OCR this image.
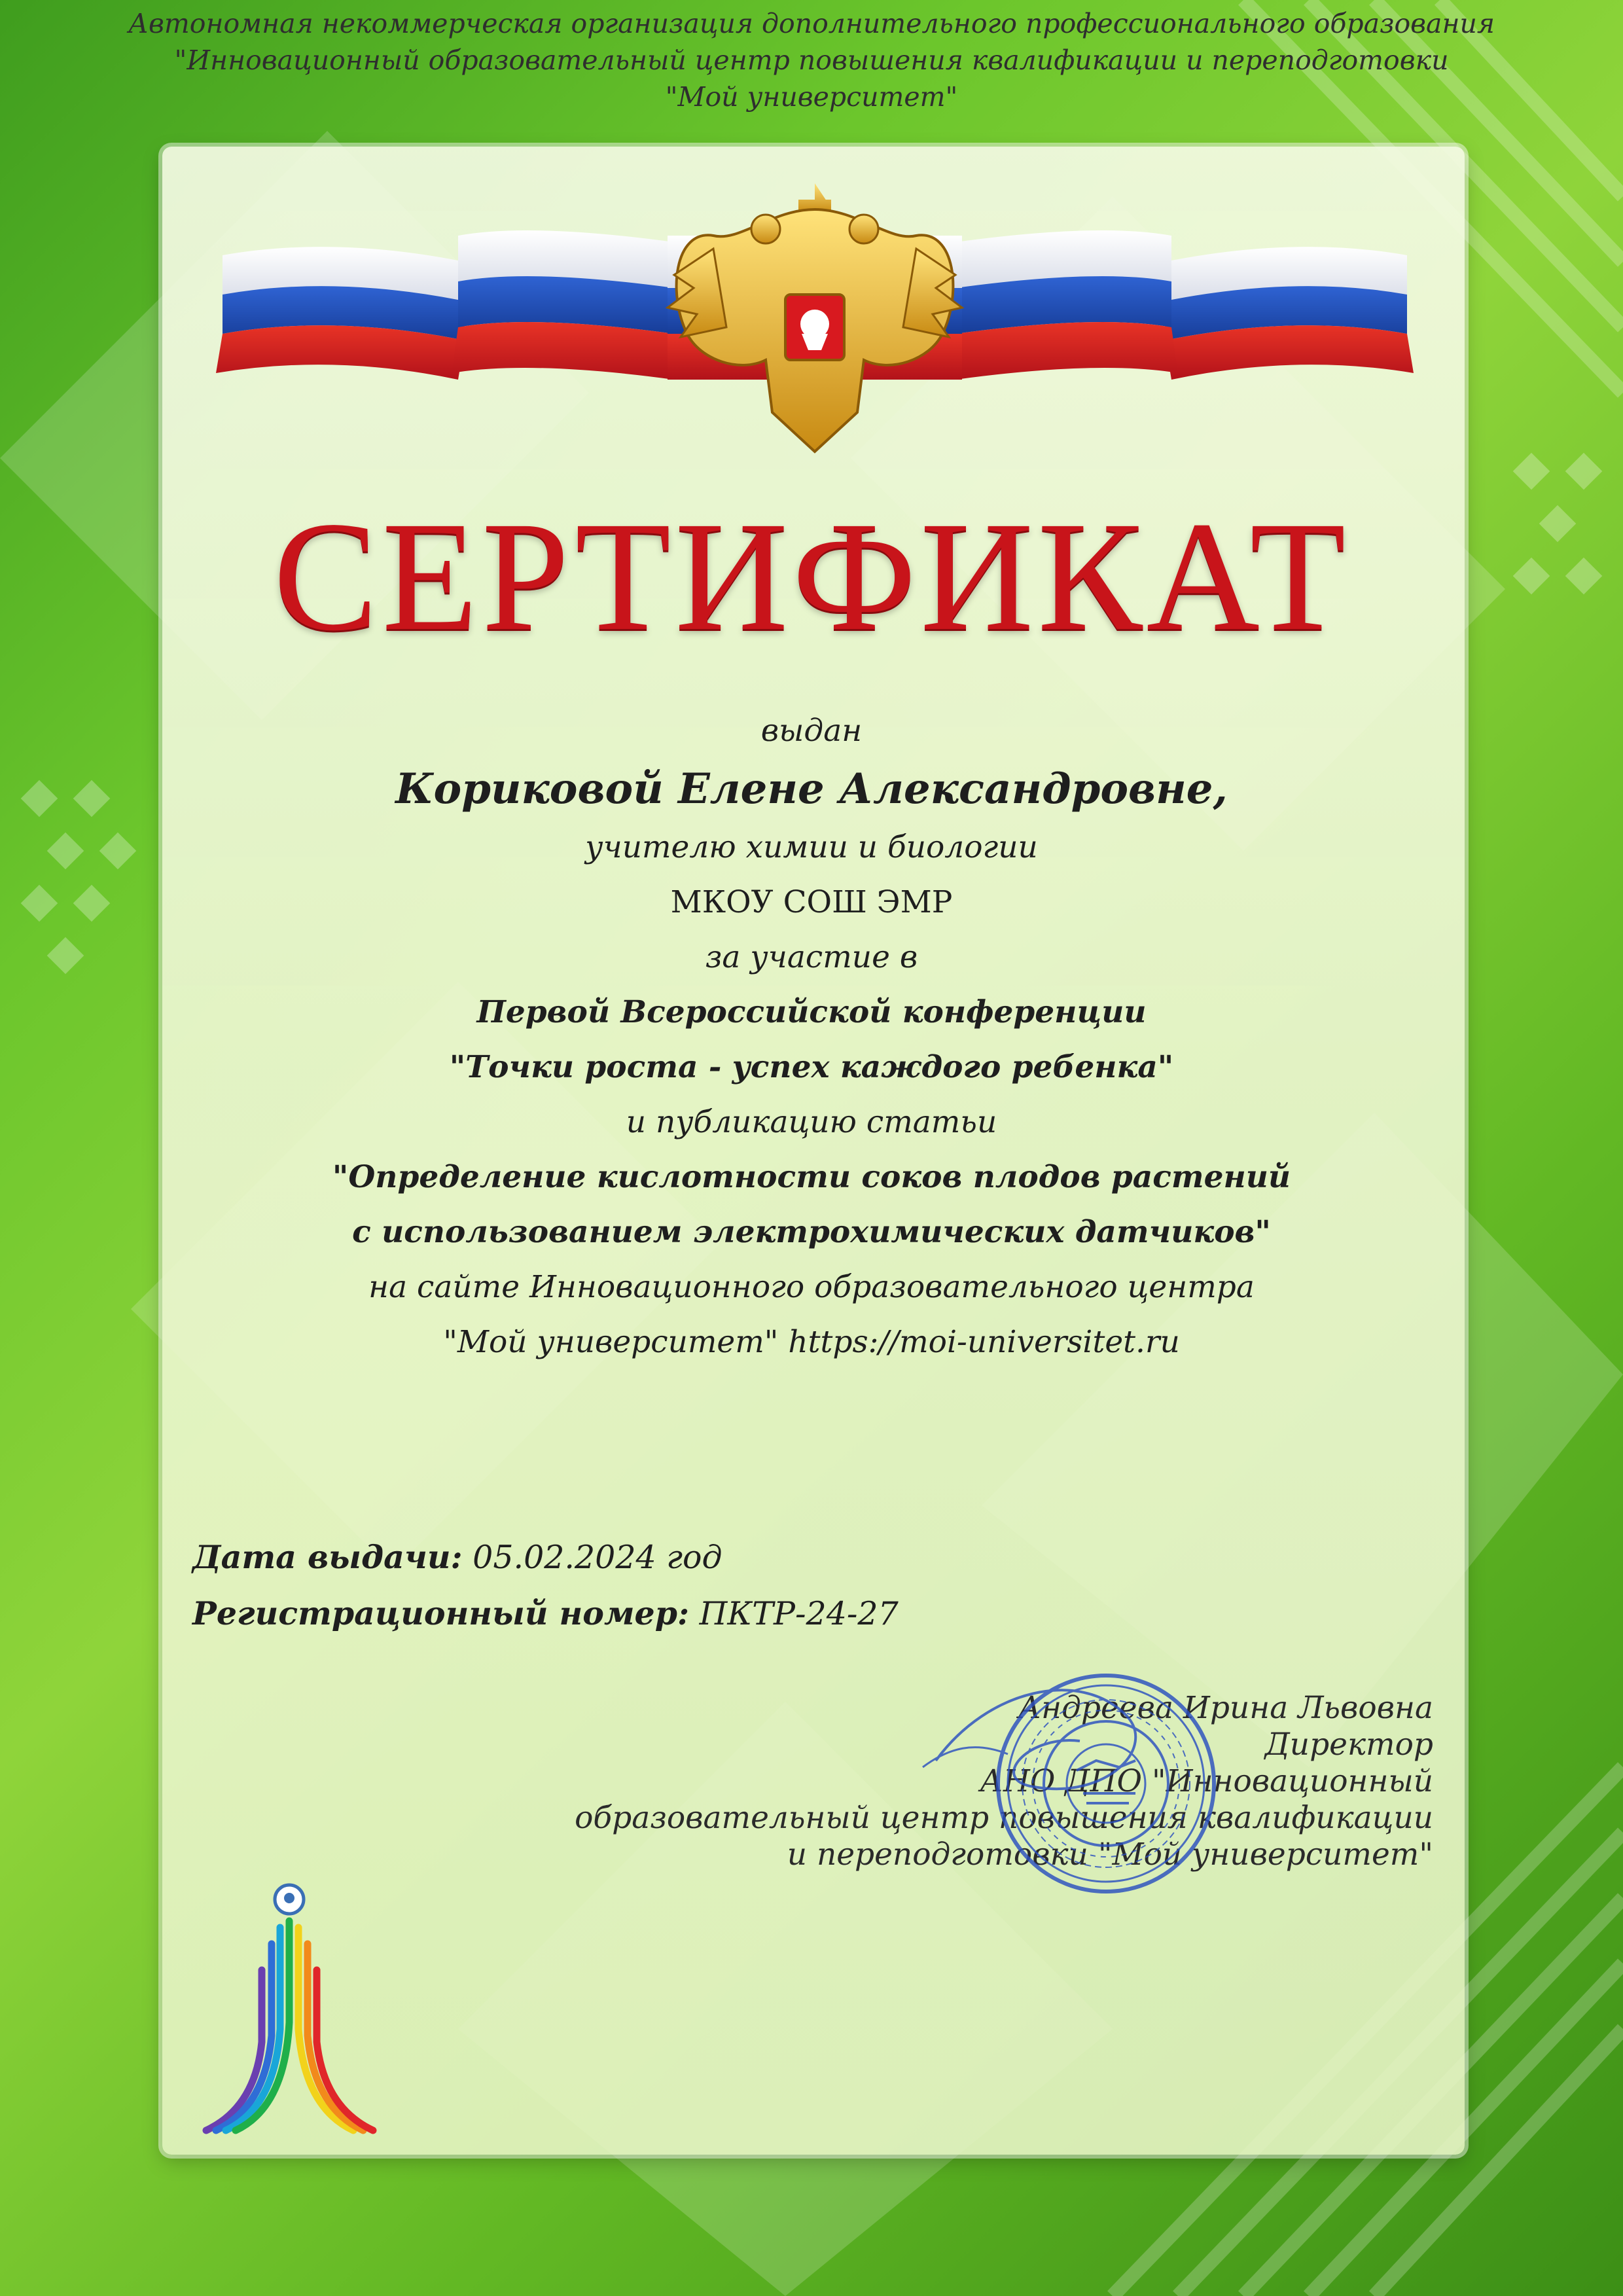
Автономная некоммерческая организация дополнительного профессионального образования
"Инновационный образовательный центр повышения квалификации и переподготовки
"Мой университет"
СЕРТИФИКАТ
выдан
Кориковой Елене Александровне,
учителю химии и биологии
МКОУ СОШ ЭМР
за участие в
Первой Всероссийской конференции
"Точки роста - успех каждого ребенка"
и публикацию статьи
"Определение кислотности соков плодов растений
с использованием электрохимических датчиков"
на сайте Инновационного образовательного центра
"Мой университет" https://moi-universitet.ru
Дата выдачи: 05.02.2024 год
Регистрационный номер: ПКТР-24-27
Андреева Ирина Львовна
Директор
АНО ДПО "Инновационный
образовательный центр повышения квалификации
и переподготовки "Мой университет"
